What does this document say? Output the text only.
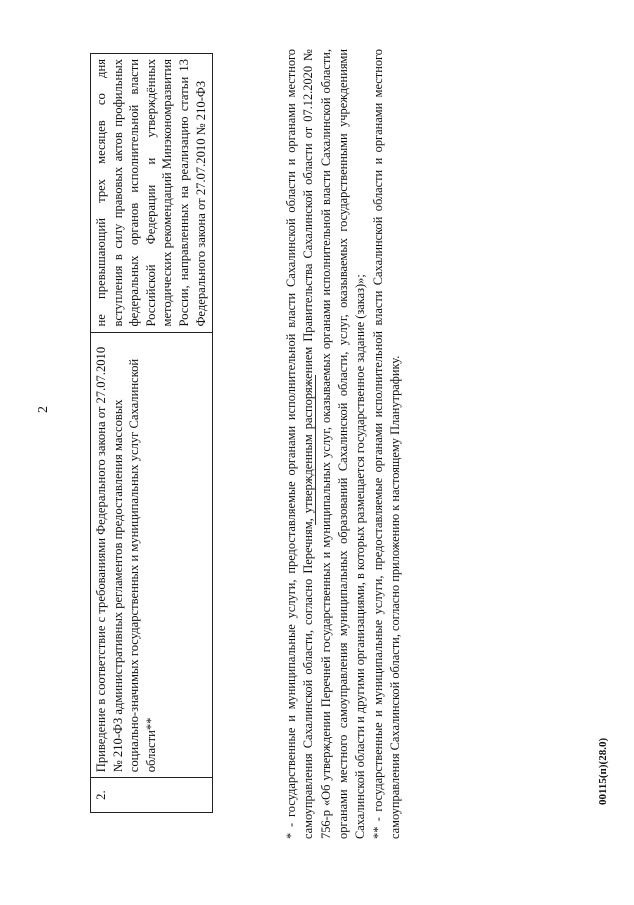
2
2.	Приведение в соответствие с требованиями Федерального закона от 27.07.2010 № 210-ФЗ административных регламентов предоставления массовых социально-значимых государственных и муниципальных услуг Сахалинской области**	не превышающий трех месяцев со дня вступления в силу правовых актов профильных федеральных органов исполнительной власти Российской Федерации и утверждённых методических рекомендаций Минэкономразвития России, направленных на реализацию статьи 13 Федерального закона от 27.07.2010 № 210-ФЗ	* - государственные и муниципальные услуги, предоставляемые органами исполнительной власти Сахалинской области и органами местного самоуправления Сахалинской области, согласно Перечням, утвержденным распоряжением Правительства Сахалинской области от 07.12.2020 № 756-р «Об утверждении Перечней государственных и муниципальных услуг, оказываемых органами исполнительной власти Сахалинской области, органами местного самоуправления муниципальных образований Сахалинской области, услуг, оказываемых государственными учреждениями Сахалинской области и другими организациями, в которых размещается государственное задание (заказ)»; ** - государственные и муниципальные услуги, предоставляемые органами исполнительной власти Сахалинской области и органами местного самоуправления Сахалинской области, согласно приложению к настоящему Планутрафику.	00115(п)(28.0)
